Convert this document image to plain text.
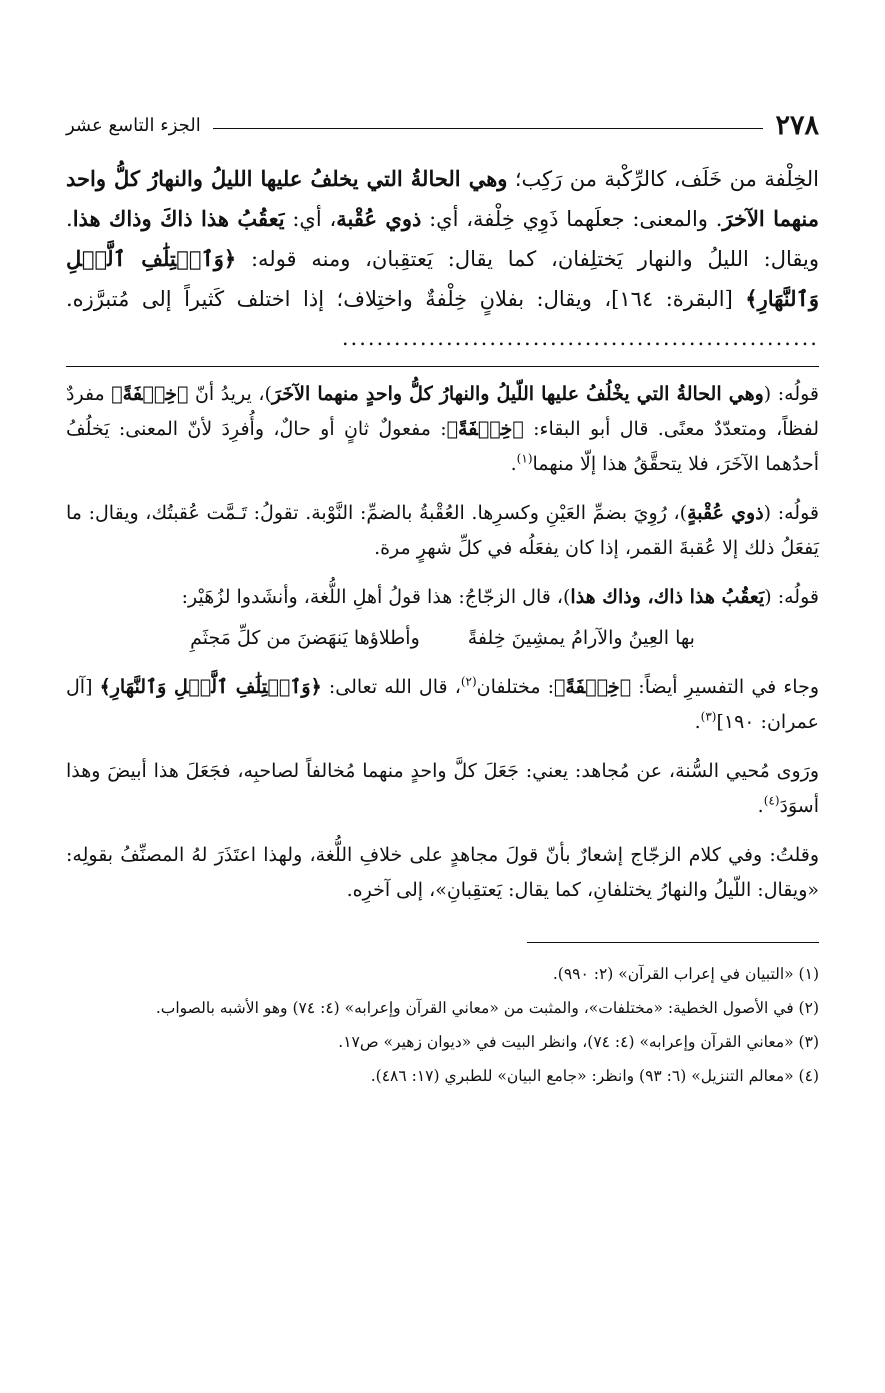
٢٧٨
الجزء التاسع عشر

الخِلْفة من خَلَف، كالرِّكْبة من رَكِب؛ وهي الحالةُ التي يخلفُ عليها الليلُ والنهارُ كلُّ واحد منهما الآخرَ. والمعنى: جعلَهما ذَوِي خِلْفة، أي: ذوي عُقْبة، أي: يَعقُبُ هذا ذاكَ وذاك هذا. ويقال: الليلُ والنهار يَختلِفان، كما يقال: يَعتقِبان، ومنه قوله: ﴿وَٱخۡتِلَٰفِ ٱلَّيۡلِ وَٱلنَّهَارِ﴾ [البقرة: ١٦٤]، ويقال: بفلانٍ خِلْفةٌ واختِلاف؛ إذا اختلف كَثيراً إلى مُتبرَّزه. .......................................................

قولُه: (وهي الحالةُ التي يخْلُفُ عليها اللّيلُ والنهارُ كلُّ واحدٍ منهما الآخَرَ)، يريدُ أنّ ﴿خِلۡفَةً﴾ مفردٌ لفظاً، ومتعدّدٌ معنًى. قال أبو البقاء: ﴿خِلۡفَةً﴾: مفعولٌ ثانٍ أو حالٌ، وأُفرِدَ لأنّ المعنى: يَخلُفُ أحدُهما الآخَرَ، فلا يتحقَّقُ هذا إلّا منهما$^{(١)}$.

قولُه: (ذوي عُقْبةٍ)، رُوِيَ بضمِّ العَيْنِ وكسرِها. العُقْبةُ بالضمِّ: النَّوْبة. تقولُ: تَـمَّت عُقبتُك، ويقال: ما يَفعَلُ ذلك إلا عُقبةَ القمر، إذا كان يفعَلُه في كلِّ شهرٍ مرة.

قولُه: (يَعقُبُ هذا ذاك، وذاك هذا)، قال الزجّاجُ: هذا قولُ أهلِ اللُّغة، وأنشَدوا لزُهَيْر:

بها العِينُ والآرامُ يمشِينَ خِلفةً
وأطلاؤها يَنهَضنَ من كلِّ مَجثَمِ

وجاء في التفسيرِ أيضاً: ﴿خِلۡفَةً﴾: مختلفان$^{(٢)}$، قال الله تعالى: ﴿وَٱخۡتِلَٰفِ ٱلَّيۡلِ وَٱلنَّهَارِ﴾ [آل عمران: ١٩٠]$^{(٣)}$.

ورَوى مُحيي السُّنة، عن مُجاهد: يعني: جَعَلَ كلَّ واحدٍ منهما مُخالفاً لصاحبِه، فجَعَلَ هذا أبيضَ وهذا أسوَدَ$^{(٤)}$.

وقلتُ: وفي كلام الزجّاج إشعارٌ بأنّ قولَ مجاهدٍ على خلافِ اللُّغة، ولهذا اعتَذَرَ لهُ المصنِّفُ بقولِه: «ويقال: اللّيلُ والنهارُ يختلفانِ، كما يقال: يَعتقِبانِ»، إلى آخرِه.

(١) «التبيان في إعراب القرآن» (٢: ٩٩٠).
(٢) في الأصول الخطية: «مختلفات»، والمثبت من «معاني القرآن وإعرابه» (٤: ٧٤) وهو الأشبه بالصواب.
(٣) «معاني القرآن وإعرابه» (٤: ٧٤)، وانظر البيت في «ديوان زهير» ص١٧.
(٤) «معالم التنزيل» (٦: ٩٣) وانظر: «جامع البيان» للطبري (١٧: ٤٨٦).
